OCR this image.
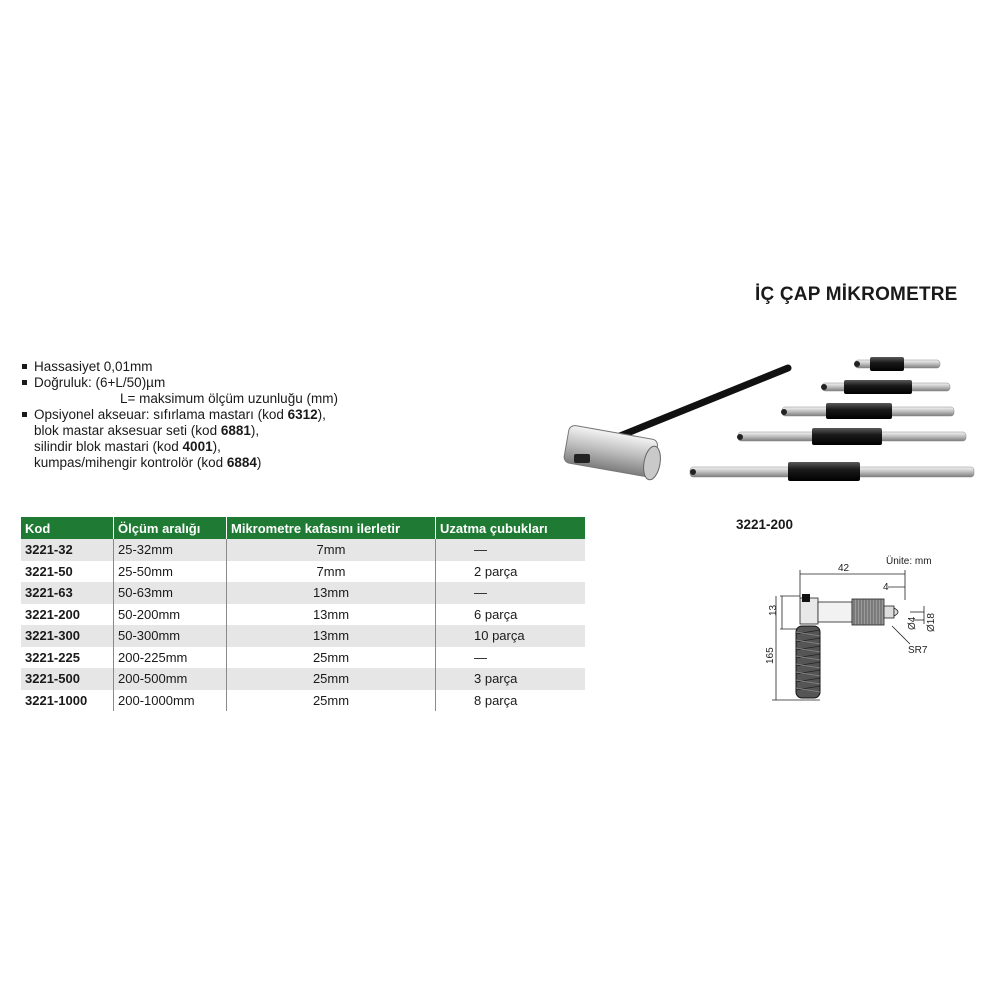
İÇ ÇAP MİKROMETRE
Hassasiyet 0,01mm
Doğruluk: (6+L/50)µm
L= maksimum ölçüm uzunluğu (mm)
Opsiyonel akseuar: sıfırlama mastarı (kod 6312),
blok mastar aksesuar seti (kod 6881),
silindir blok mastari (kod 4001),
kumpas/mihengir kontrolör (kod 6884)
Kod	Ölçüm aralığı	Mikrometre kafasını ilerletir	Uzatma çubukları
3221-32	25-32mm	7mm	—
3221-50	25-50mm	7mm	2 parça
3221-63	50-63mm	13mm	—
3221-200	50-200mm	13mm	6 parça
3221-300	50-300mm	13mm	10 parça
3221-225	200-225mm	25mm	—
3221-500	200-500mm	25mm	3 parça
3221-1000	200-1000mm	25mm	8 parça
3221-200
Ünite: mm
42
4
13
165
Ø4 Ø18
SR7
